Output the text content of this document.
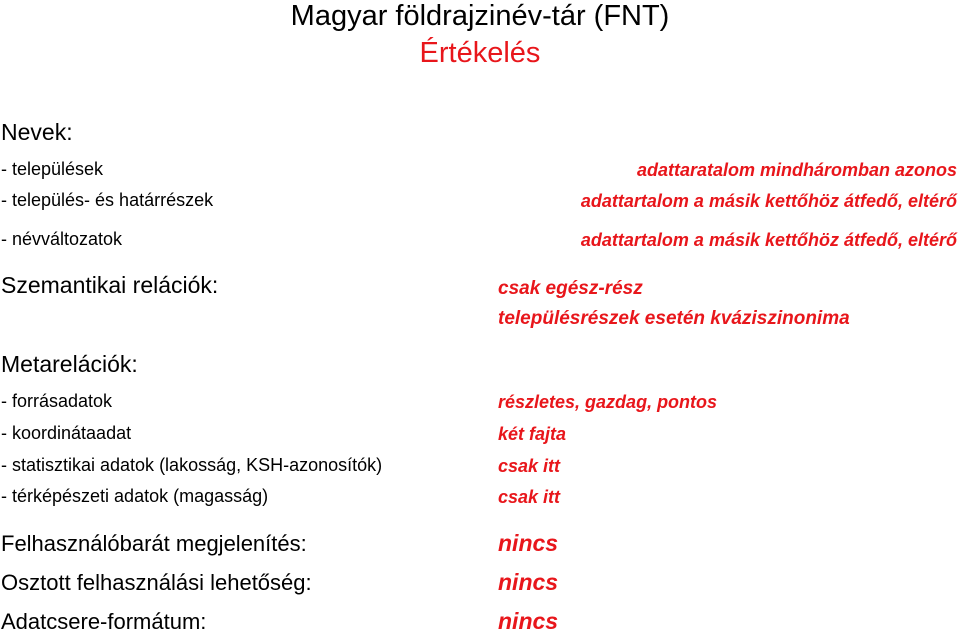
Magyar földrajzinév-tár (FNT)
Értékelés
Nevek:
- települések	adattaratalom mindháromban azonos
- település- és határrészek	adattartalom a másik kettőhöz átfedő, eltérő
- névváltozatok	adattartalom a másik kettőhöz átfedő, eltérő
Szemantikai relációk:	csak egész-rész
településrészek esetén kváziszinonima
Metarelációk:
- forrásadatok	részletes, gazdag, pontos
- koordinátaadat	két fajta
- statisztikai adatok (lakosság, KSH-azonosítók)	csak itt
- térképészeti adatok (magasság)	csak itt
Felhasználóbarát megjelenítés:	nincs
Osztott felhasználási lehetőség:	nincs
Adatcsere-formátum:	nincs
